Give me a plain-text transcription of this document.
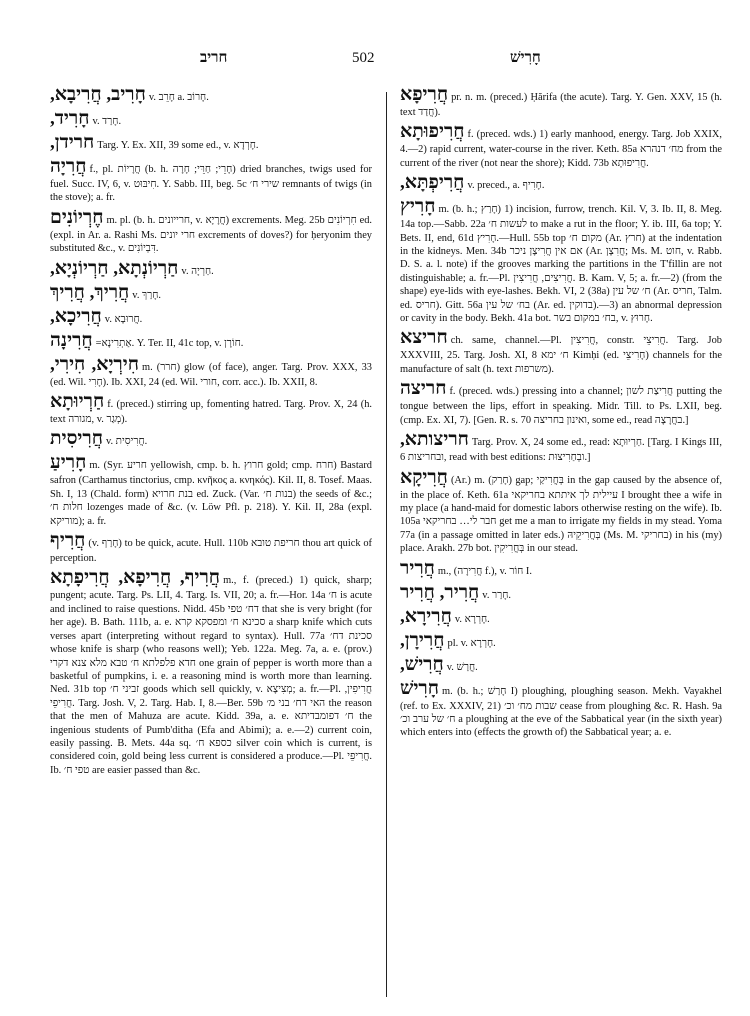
חריב	502	חָרִישׁ

חָרִיב, חֲרִיבָא, v. חָרֵב a. חָרוֹב.

חָרִיד, v. חָרַד.

חרידן, Targ. Y. Ex. XII, 39 some ed., v. חָרְדָא.

חֲרִיָה f., pl. חֲרָיוֹת (b. h. חָרֵי; חַרֵּי; חָרָה) dried branches, twigs used for fuel. Succ. IV, 6, v. חִיבּוּט. Y. Sabb. III, beg. 5c שירי ח׳ remnants of twigs (in the stove); a. fr.

חֶרְיוֹנִים m. pl. (b. h. חרייונים, v. חֲרָיָא) excrements. Meg. 25b חִרְיוֹנִים ed. (expl. in Ar. a. Rashi Ms. חרי יונים excrements of doves?) for ḥeryonim they substituted &c., v. דִּבְיוֹנִים.

חַרְיוֹנְתָא, חַרְיוֹנְיָא, v. חַרְיָה.

חֲרִיךְ, חֲרִיךְ v. חָרַךְ.

חֲרִיכָא, v. חֲרוּבָא.

חֲרִינָה =אַתְרִינָא. Y. Ter. II, 41c top, v. חוֹרָן.

חִירְיָא, חִירִי, m. (חרר) glow (of face), anger. Targ. Prov. XXX, 33 (ed. Wil. חָרִי). Ib. XXI, 24 (ed. Wil. חורי, corr. acc.). Ib. XXII, 8.

חַרְיוּתָא f. (preced.) stirring up, fomenting hatred. Targ. Prov. X, 24 (h. text מגורה, v. מְגַר).

חֲרִיסִית v. חֲרִיסִית.

חָרִיעַ m. (Syr. חריע yellowish, cmp. b. h. חרוץ gold; cmp. חרח) Bastard safron (Carthamus tinctorius, cmp. κνῆκος a. κνηκός). Kil. II, 8. Tosef. Maas. Sh. I, 13 (Chald. form) בנת חרויא ed. Zuck. (Var. בנות ח׳) the seeds of &c.; חלות ח׳ lozenges made of &c. (v. Löw Pfl. p. 218). Y. Kil. II, 28a (expl. מוריקא); a. fr.

חֲרִיף (v. חָרַף) to be quick, acute. Hull. 110b חריפת טובא thou art quick of perception.

חֲרִיף, חֲרִיפָא, חֲרִיפָתָא m., f. (preced.) 1) quick, sharp; pungent; acute. Targ. Ps. LII, 4. Targ. Is. VII, 20; a. fr.—Hor. 14a ח׳ is acute and inclined to raise questions. Nidd. 45b דח׳ טפי that she is very bright (for her age). B. Bath. 111b, a. e. סכינא ח׳ ומפסקא קרא a sharp knife which cuts verses apart (interpreting without regard to syntax). Hull. 77a סכינת דח׳ whose knife is sharp (who reasons well); Yeb. 122a. Meg. 7a, a. e. (prov.) חדא פלפלתא ח׳ טבא מלא צנא דקרי one grain of pepper is worth more than a basketful of pumpkins, i. e. a reasoning mind is worth more than learning. Ned. 31b top זביני ח׳ goods which sell quickly, v. מְצִיצָא; a. fr.—Pl. חֲרִיפִין, חֲרִיפֵי. Targ. Josh. V, 2. Targ. Hab. I, 8.—Ber. 59b האי דח׳ בני מ׳ the reason that the men of Mahuza are acute. Kidd. 39a, a. e. ח׳ דפומבדיתא the ingenious students of Pumb'ditha (Efa and Abimi); a. e.—2) current coin, easily passing. B. Mets. 44a sq. כספא ח׳ silver coin which is current, is considered coin, gold being less current is considered a produce.—Pl. חֲרִיפֵי. Ib. טפי ח׳ are easier passed than &c.

חֲרִיפָא pr. n. m. (preced.) Ḥărifa (the acute). Targ. Y. Gen. XXV, 15 (h. text חֲדַד).

חֲרִיפוּתָא f. (preced. wds.) 1) early manhood, energy. Targ. Job XXIX, 4.—2) rapid current, water-course in the river. Keth. 85a מח׳ דנהרא from the current of the river (not near the shore); Kidd. 73b חֲרִיפוּתָא.

חֲרִיפְתָּא, v. preced., a. חָרִיף.

חָרִיץ m. (b. h.; חָרַץ) 1) incision, furrow, trench. Kil. V, 3. Ib. II, 8. Meg. 14a top.—Sabb. 22a לעשות ח׳ to make a rut in the floor; Y. ib. III, 6a top; Y. Bets. II, end, 61d חָרִיץ.—Hull. 55b top מקום ח׳ (Ar. חרץ) at the indentation in the kidneys. Men. 34b אם אין חֲרִיצָן ניכר (Ar. חֲרִצָן; Ms. M. חוט, v. Rabb. D. S. a. l. note) if the grooves marking the partitions in the T'fillin are not distinguishable; a. fr.—Pl. חֲרִיצִים, חֲרִיצִין. B. Kam. V, 5; a. fr.—2) (from the shape) eye-lids with eye-lashes. Bekh. VI, 2 (38a) ח׳ של עין (Ar. חריס, Talm. ed. חריס). Gitt. 56a בח׳ של עין (Ar. ed. בדוקין).—3) an abnormal depression or cavity in the body. Bekh. 41a bot. בח׳ במקום בשר, v. חָרוּץ.

חריצא ch. same, channel.—Pl. חֲרִיצִין, constr. חֲרִיצֵי. Targ. Job XXXVIII, 25. Targ. Josh. XI, 8 ח׳ ימא Kimḥi (ed. חָרִיצֵי) channels for the manufacture of salt (h. text משרפות).

חריצה f. (preced. wds.) pressing into a channel; חֲרִיצַת לשון putting the tongue between the lips, effort in speaking. Midr. Till. to Ps. LXII, beg. (cmp. Ex. XI, 7). [Gen. R. s. 70 ואינון בחריצה, some ed., read בחֲרָצָה.]

חריצותא, Targ. Prov. X, 24 some ed., read: חַרְיוּתָא. [Targ. I Kings III, 6 ובחריצות, read with best editions: ובְחַרִיצוּת.]

חֲרִיקָא (Ar.) m. (חָרַק) gap; בְּחֲרִיקַי in the gap caused by the absence of, in the place of. Keth. 61a עיילית לך איתתא בחריקאי I brought thee a wife in my place (a hand-maid for domestic labors otherwise resting on the wife). Ib. 105a חבר לי… בחריקאי get me a man to irrigate my fields in my stead. Yoma 77a (in a passage omitted in later eds.) בְּחֲרִיקֵיהּ (Ms. M. בחריקי) in his (my) place. Arakh. 27b bot. בְּחֲרִיקִין in our stead.

חֲרִיר m., (חֲרִירָה f.), v. חוֹר I.

חֲרִיר, חֲרִיר v. חָרַר.

חֲרִירָא, v. חָרְרָא.

חֲרִירָן, pl. v. חָרְרָא.

חֲרִישׁ, v. חֲרַשׁ.

חָרִישׁ m. (b. h.; חָרַשׁ I) ploughing, ploughing season. Mekh. Vayakhel (ref. to Ex. XXXIV, 21) שבות מח׳ וכ׳ cease from ploughing &c. R. Hash. 9a ח׳ של ערב וכ׳ a ploughing at the eve of the Sabbatical year (in the sixth year) which enters into (effects the growth of) the Sabbatical year; a. e.
